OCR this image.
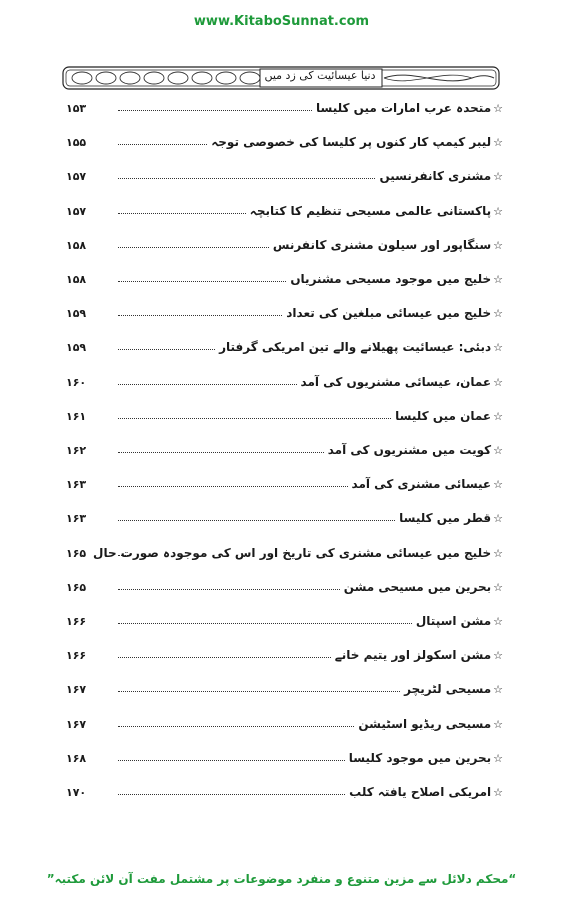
www.KitaboSunnat.com
دنیا عیسائیت کی زد میں
۱۵۳	☆متحدہ عرب امارات میں کلیسا
۱۵۵	☆لیبر کیمپ کار کنوں پر کلیسا کی خصوصی توجہ
۱۵۷	☆مشنری کانفرنسیں
۱۵۷	☆پاکستانی عالمی مسیحی تنظیم کا کتابچہ
۱۵۸	☆سنگاپور اور سیلون مشنری کانفرنس
۱۵۸	☆خلیج میں موجود مسیحی مشنریاں
۱۵۹	☆خلیج میں عیسائی مبلغین کی تعداد
۱۵۹	☆دبئی: عیسائیت پھیلانے والے تین امریکی گرفتار
۱۶۰	☆عمان، عیسائی مشنریوں کی آمد
۱۶۱	☆عمان میں کلیسا
۱۶۲	☆کویت میں مشنریوں کی آمد
۱۶۳	☆عیسائی مشنری کی آمد
۱۶۳	☆قطر میں کلیسا
۱۶۵	☆خلیج میں عیسائی مشنری کی تاریخ اور اس کی موجودہ صورت حال
۱۶۵	☆بحرین میں مسیحی مشن
۱۶۶	☆مشن اسپتال
۱۶۶	☆مشن اسکولز اور یتیم خانے
۱۶۷	☆مسیحی لٹریچر
۱۶۷	☆مسیحی ریڈیو اسٹیشن
۱۶۸	☆بحرین میں موجود کلیسا
۱۷۰	☆امریکی اصلاح یافتہ کلب
“محکم دلائل سے مزین متنوع و منفرد موضوعات پر مشتمل مفت آن لائن مکتبہ”
